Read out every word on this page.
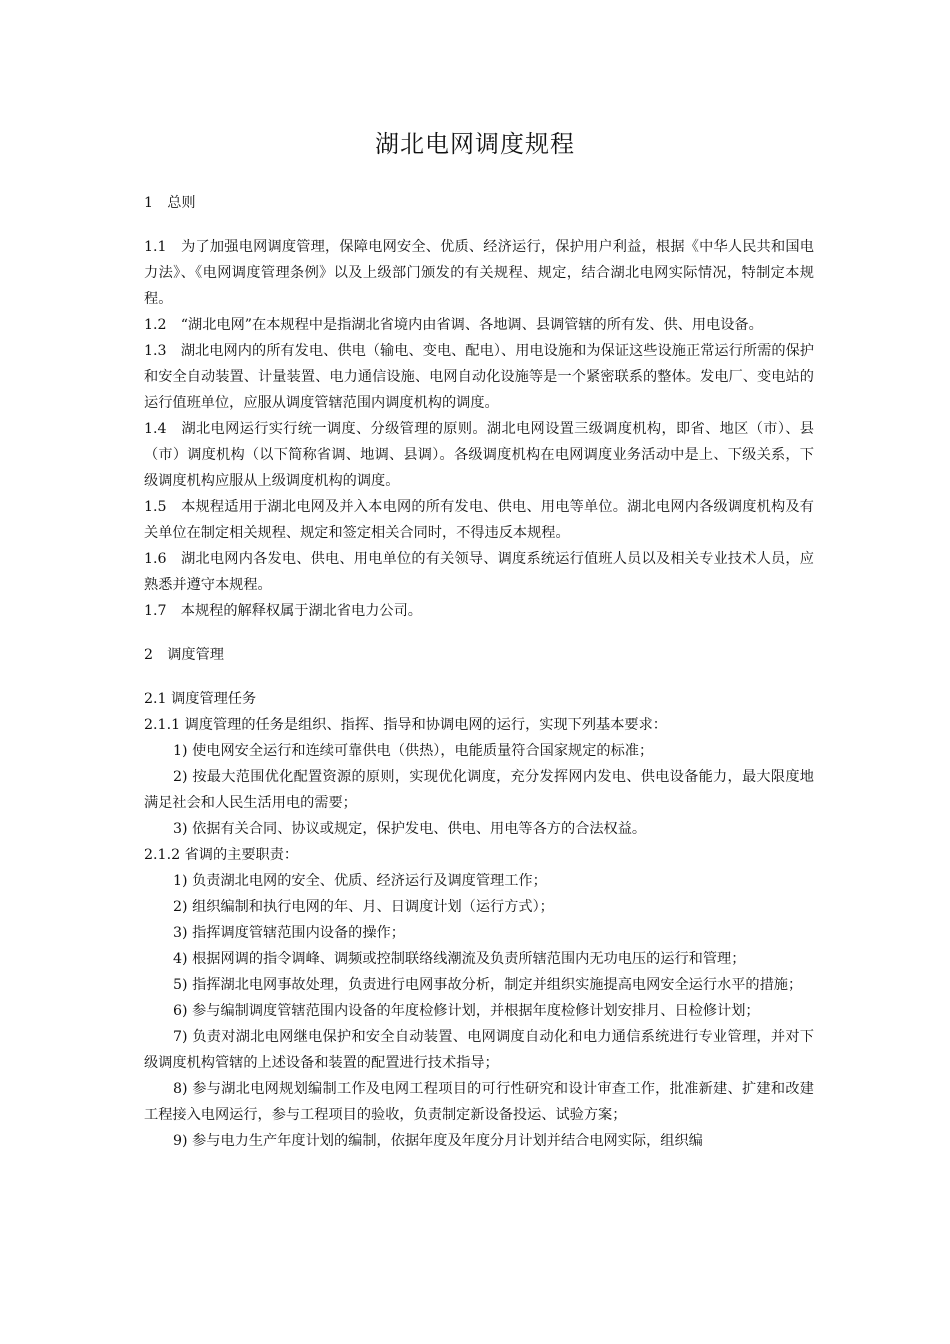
湖北电网调度规程

1　总则

1.1　为了加强电网调度管理，保障电网安全、优质、经济运行，保护用户利益，根据《中华人民共和国电力法》、《电网调度管理条例》以及上级部门颁发的有关规程、规定，结合湖北电网实际情况，特制定本规程。

1.2　“湖北电网”在本规程中是指湖北省境内由省调、各地调、县调管辖的所有发、供、用电设备。

1.3　湖北电网内的所有发电、供电（输电、变电、配电）、用电设施和为保证这些设施正常运行所需的保护和安全自动装置、计量装置、电力通信设施、电网自动化设施等是一个紧密联系的整体。发电厂、变电站的运行值班单位，应服从调度管辖范围内调度机构的调度。

1.4　湖北电网运行实行统一调度、分级管理的原则。湖北电网设置三级调度机构，即省、地区（市）、县（市）调度机构（以下简称省调、地调、县调）。各级调度机构在电网调度业务活动中是上、下级关系，下级调度机构应服从上级调度机构的调度。

1.5　本规程适用于湖北电网及并入本电网的所有发电、供电、用电等单位。湖北电网内各级调度机构及有关单位在制定相关规程、规定和签定相关合同时，不得违反本规程。

1.6　湖北电网内各发电、供电、用电单位的有关领导、调度系统运行值班人员以及相关专业技术人员，应熟悉并遵守本规程。

1.7　本规程的解释权属于湖北省电力公司。

2　调度管理

2.1 调度管理任务

2.1.1 调度管理的任务是组织、指挥、指导和协调电网的运行，实现下列基本要求：

1) 使电网安全运行和连续可靠供电（供热），电能质量符合国家规定的标准；

2) 按最大范围优化配置资源的原则，实现优化调度，充分发挥网内发电、供电设备能力，最大限度地满足社会和人民生活用电的需要；

3) 依据有关合同、协议或规定，保护发电、供电、用电等各方的合法权益。

2.1.2 省调的主要职责：

1) 负责湖北电网的安全、优质、经济运行及调度管理工作；

2) 组织编制和执行电网的年、月、日调度计划（运行方式）；

3) 指挥调度管辖范围内设备的操作；

4) 根据网调的指令调峰、调频或控制联络线潮流及负责所辖范围内无功电压的运行和管理；

5) 指挥湖北电网事故处理，负责进行电网事故分析，制定并组织实施提高电网安全运行水平的措施；

6) 参与编制调度管辖范围内设备的年度检修计划，并根据年度检修计划安排月、日检修计划；

7) 负责对湖北电网继电保护和安全自动装置、电网调度自动化和电力通信系统进行专业管理，并对下级调度机构管辖的上述设备和装置的配置进行技术指导；

8) 参与湖北电网规划编制工作及电网工程项目的可行性研究和设计审查工作，批准新建、扩建和改建工程接入电网运行，参与工程项目的验收，负责制定新设备投运、试验方案；

9) 参与电力生产年度计划的编制，依据年度及年度分月计划并结合电网实际，组织编
